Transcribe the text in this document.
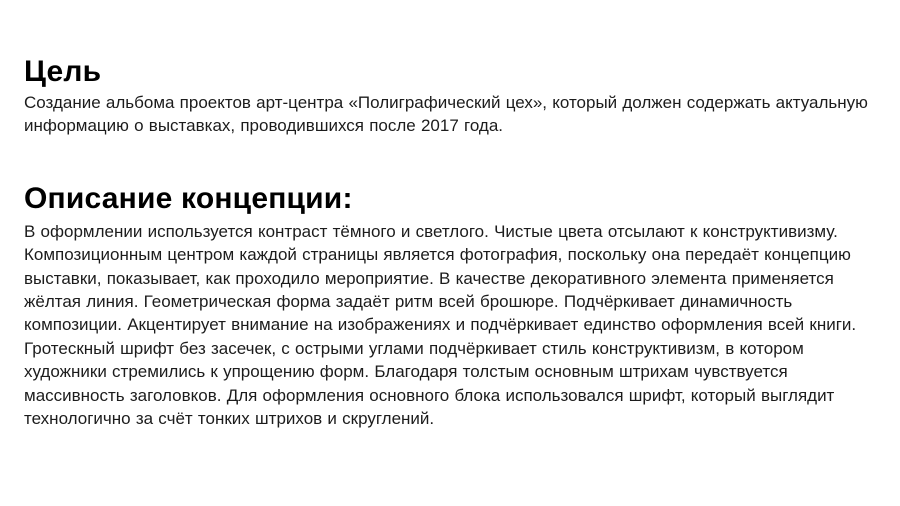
Цель
Создание альбома проектов арт-центра «Полиграфический цех», который должен содержать актуальную
информацию о выставках, проводившихся после 2017 года.
Описание концепции:
В оформлении используется контраст тёмного и светлого. Чистые цвета отсылают к конструктивизму.
Композиционным центром каждой страницы является фотография, поскольку она передаёт концепцию
выставки, показывает, как проходило мероприятие. В качестве декоративного элемента применяется
жёлтая линия. Геометрическая форма задаёт ритм всей брошюре. Подчёркивает динамичность
композиции. Акцентирует внимание на изображениях и подчёркивает единство оформления всей книги.
Гротескный шрифт без засечек, с острыми углами подчёркивает стиль конструктивизм, в котором
художники стремились к упрощению форм. Благодаря толстым основным штрихам чувствуется
массивность заголовков. Для оформления основного блока использовался шрифт, который выглядит
технологично за счёт тонких штрихов и скруглений.
